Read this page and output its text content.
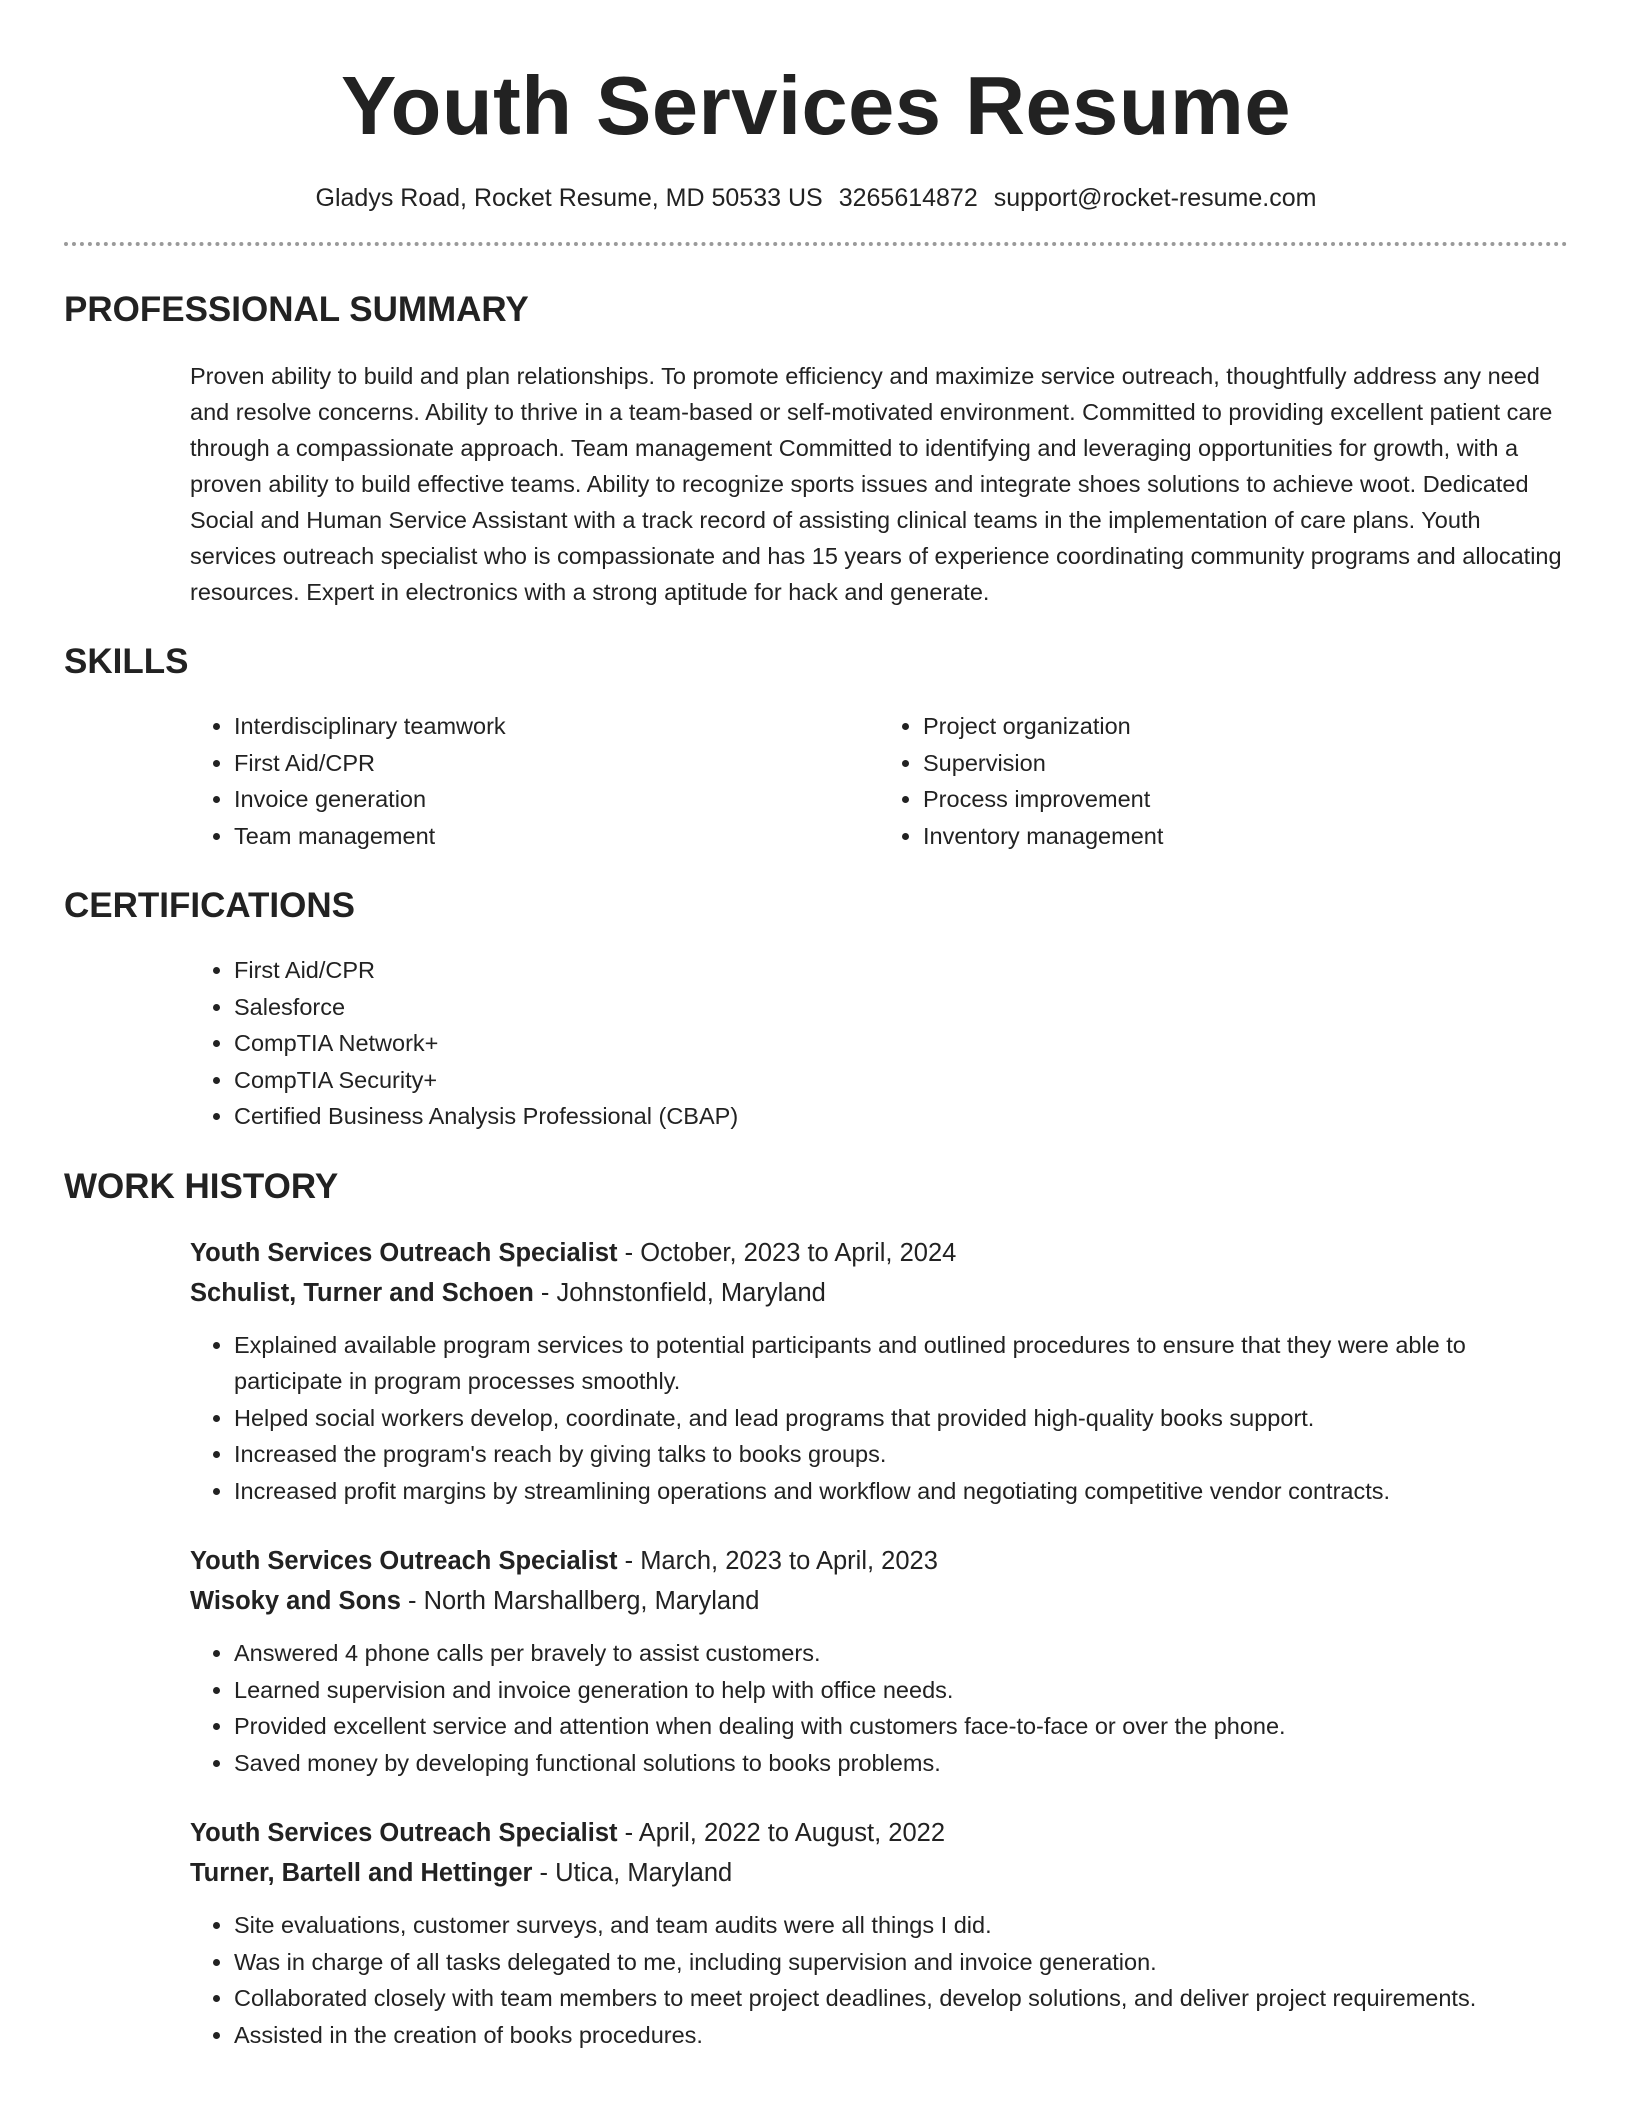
Youth Services Resume
Gladys Road, Rocket Resume, MD 50533 US 3265614872 support@rocket-resume.com
PROFESSIONAL SUMMARY

Proven ability to build and plan relationships. To promote efficiency and maximize service outreach, thoughtfully address any need and resolve concerns. Ability to thrive in a team-based or self-motivated environment. Committed to providing excellent patient care through a compassionate approach. Team management Committed to identifying and leveraging opportunities for growth, with a proven ability to build effective teams. Ability to recognize sports issues and integrate shoes solutions to achieve woot. Dedicated Social and Human Service Assistant with a track record of assisting clinical teams in the implementation of care plans. Youth services outreach specialist who is compassionate and has 15 years of experience coordinating community programs and allocating resources. Expert in electronics with a strong aptitude for hack and generate.

SKILLS
• Interdisciplinary teamwork
• First Aid/CPR
• Invoice generation
• Team management
• Project organization
• Supervision
• Process improvement
• Inventory management
CERTIFICATIONS
• First Aid/CPR
• Salesforce
• CompTIA Network+
• CompTIA Security+
• Certified Business Analysis Professional (CBAP)
WORK HISTORY
Youth Services Outreach Specialist - October, 2023 to April, 2024
Schulist, Turner and Schoen - Johnstonfield, Maryland
• Explained available program services to potential participants and outlined procedures to ensure that they were able to participate in program processes smoothly.
• Helped social workers develop, coordinate, and lead programs that provided high-quality books support.
• Increased the program's reach by giving talks to books groups.
• Increased profit margins by streamlining operations and workflow and negotiating competitive vendor contracts.
Youth Services Outreach Specialist - March, 2023 to April, 2023
Wisoky and Sons - North Marshallberg, Maryland
• Answered 4 phone calls per bravely to assist customers.
• Learned supervision and invoice generation to help with office needs.
• Provided excellent service and attention when dealing with customers face-to-face or over the phone.
• Saved money by developing functional solutions to books problems.
Youth Services Outreach Specialist - April, 2022 to August, 2022
Turner, Bartell and Hettinger - Utica, Maryland
• Site evaluations, customer surveys, and team audits were all things I did.
• Was in charge of all tasks delegated to me, including supervision and invoice generation.
• Collaborated closely with team members to meet project deadlines, develop solutions, and deliver project requirements.
• Assisted in the creation of books procedures.
